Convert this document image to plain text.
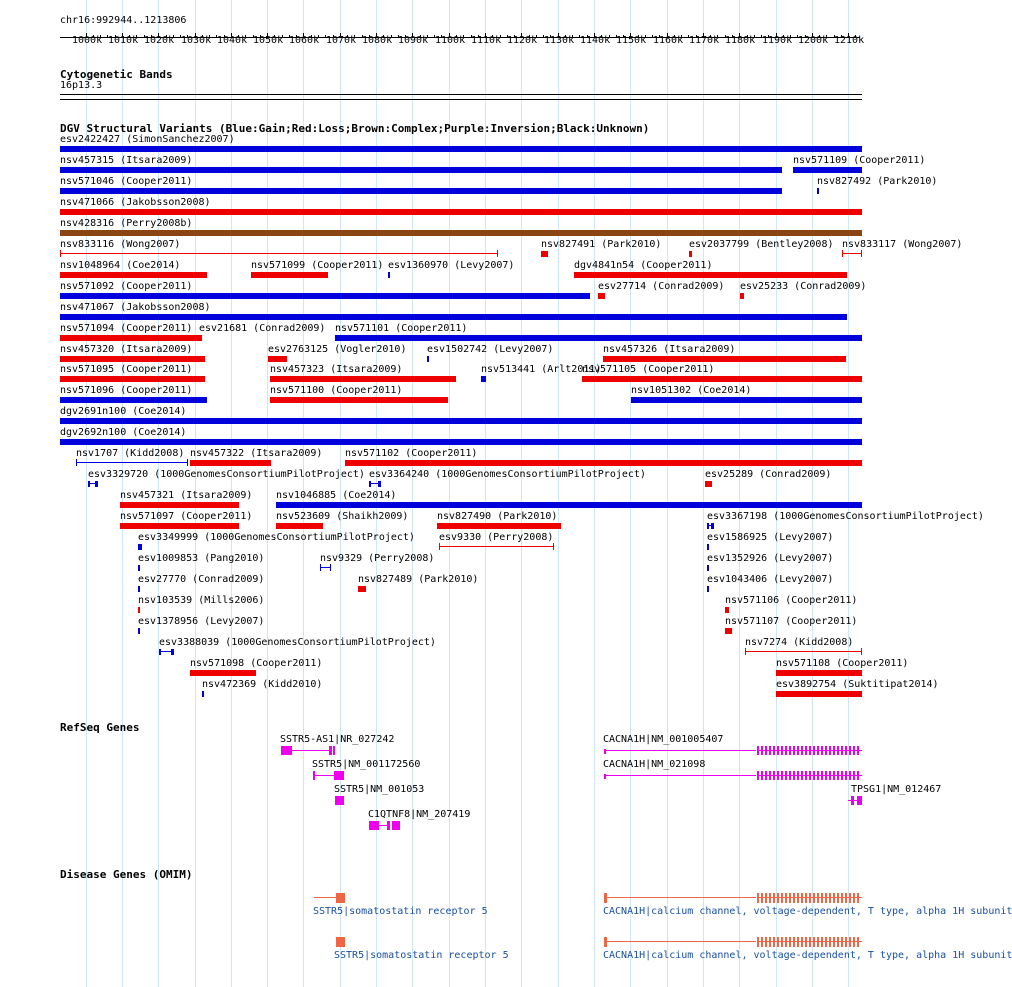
chr16:992944..1213806
1000k 1010k 1020k 1030k 1040k 1050k 1060k 1070k 1080k 1090k 1100k 1110k 1120k 1130k 1140k 1150k 1160k 1170k 1180k 1190k 1200k 1210k
Cytogenetic Bands
16p13.3
DGV Structural Variants (Blue:Gain;Red:Loss;Brown:Complex;Purple:Inversion;Black:Unknown)
esv2422427 (SimonSanchez2007)
nsv457315 (Itsara2009)	nsv571109 (Cooper2011)
nsv571046 (Cooper2011)	nsv827492 (Park2010)
nsv471066 (Jakobsson2008)
nsv428316 (Perry2008b)
nsv833116 (Wong2007)	nsv827491 (Park2010)	esv2037799 (Bentley2008) nsv833117 (Wong2007)
nsv1048964 (Coe2014)	nsv571099 (Cooper2011) esv1360970 (Levy2007)	dgv4841n54 (Cooper2011)
nsv571092 (Cooper2011)	esv27714 (Conrad2009) esv25233 (Conrad2009)
nsv471067 (Jakobsson2008)
nsv571094 (Cooper2011) esv21681 (Conrad2009) nsv571101 (Cooper2011)
nsv457320 (Itsara2009)	esv2763125 (Vogler2010) esv1502742 (Levy2007)	nsv457326 (Itsara2009)
nsv571095 (Cooper2011)	nsv457323 (Itsara2009)	nsv513441 (Arlt2011)
nsv571105 (Cooper2011)
nsv571096 (Cooper2011)	nsv571100 (Cooper2011)	nsv1051302 (Coe2014)
dgv2691n100 (Coe2014)
dgv2692n100 (Coe2014)
nsv1707 (Kidd2008) nsv457322 (Itsara2009) nsv571102 (Cooper2011)
esv3329720 (1000GenomesConsortiumPilotProject) esv3364240 (1000GenomesConsortiumPilotProject)	esv25289 (Conrad2009)
nsv457321 (Itsara2009) nsv1046885 (Coe2014)
nsv571097 (Cooper2011) nsv523609 (Shaikh2009)	nsv827490 (Park2010)	esv3367198 (1000GenomesConsortiumPilotProject)
esv3349999 (1000GenomesConsortiumPilotProject) esv9330 (Perry2008)	esv1586925 (Levy2007)
esv1009853 (Pang2010)	nsv9329 (Perry2008)	esv1352926 (Levy2007)
esv27770 (Conrad2009)	nsv827489 (Park2010)	esv1043406 (Levy2007)
nsv103539 (Mills2006)	nsv571106 (Cooper2011)
esv1378956 (Levy2007)	nsv571107 (Cooper2011)
esv3388039 (1000GenomesConsortiumPilotProject)	nsv7274 (Kidd2008)
nsv571098 (Cooper2011)	nsv571108 (Cooper2011)
nsv472369 (Kidd2010)	esv3892754 (Suktitipat2014)
RefSeq Genes
SSTR5-AS1|NR_027242	CACNA1H|NM_001005407
SSTR5|NM_001172560	CACNA1H|NM_021098
SSTR5|NM_001053	TPSG1|NM_012467
C1QTNF8|NM_207419
Disease Genes (OMIM)
SSTR5|somatostatin receptor 5	CACNA1H|calcium channel, voltage-dependent, T type, alpha 1H subunit
SSTR5|somatostatin receptor 5	CACNA1H|calcium channel, voltage-dependent, T type, alpha 1H subunit
